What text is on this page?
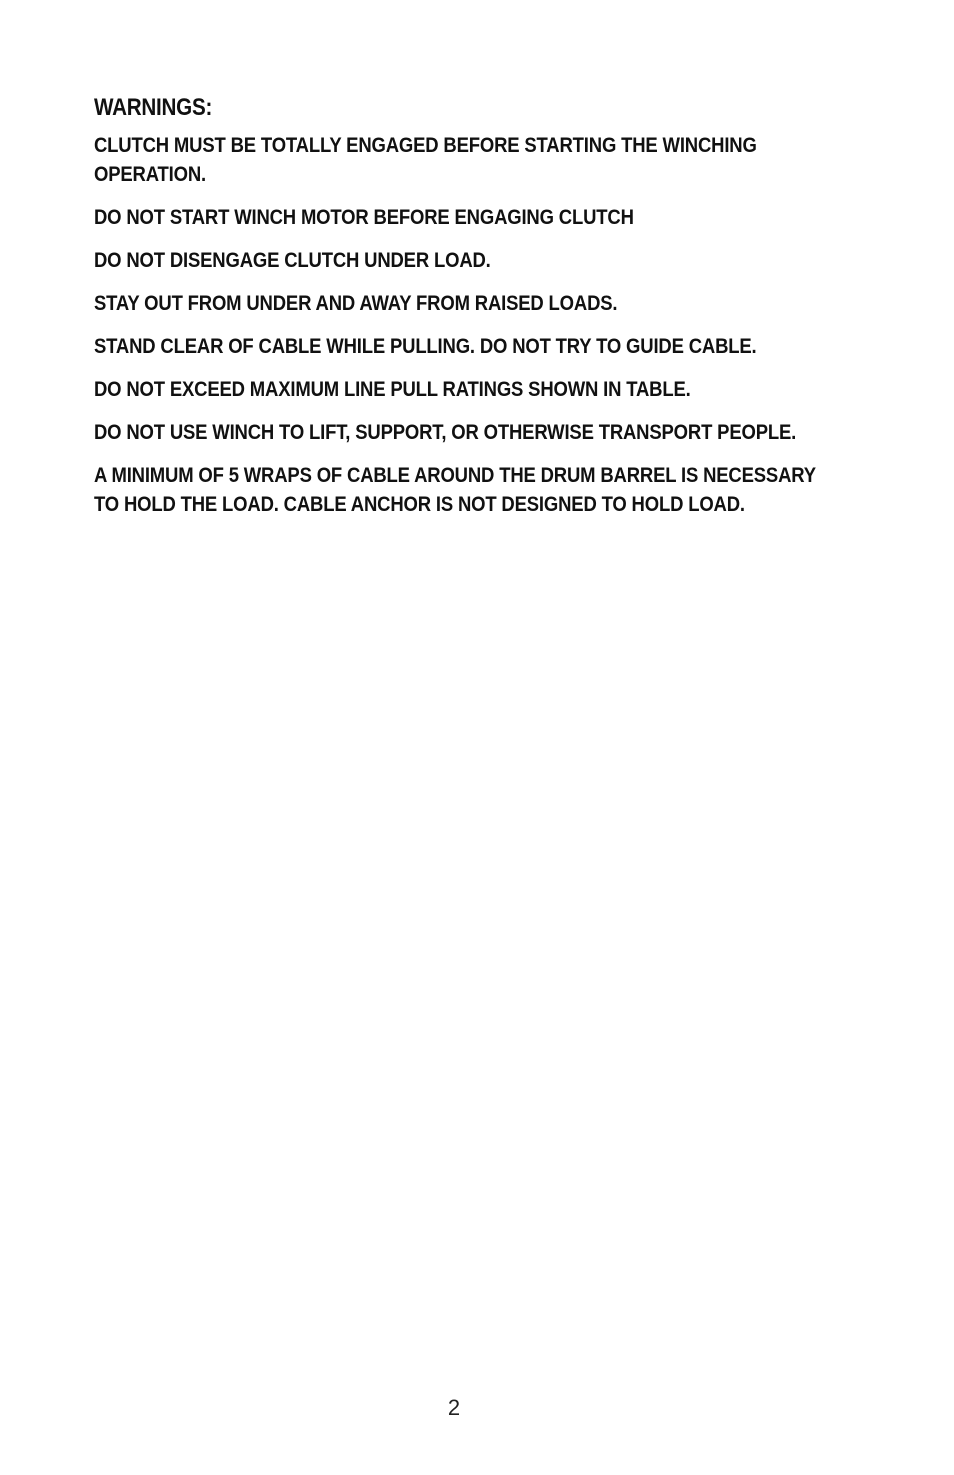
WARNINGS:
CLUTCH MUST BE TOTALLY ENGAGED BEFORE STARTING THE WINCHING OPERATION.
DO NOT START WINCH MOTOR BEFORE ENGAGING CLUTCH
DO NOT DISENGAGE CLUTCH UNDER LOAD.
STAY OUT FROM UNDER AND AWAY FROM RAISED LOADS.
STAND CLEAR OF CABLE WHILE PULLING. DO NOT TRY TO GUIDE CABLE.
DO NOT EXCEED MAXIMUM LINE PULL RATINGS SHOWN IN TABLE.
DO NOT USE WINCH TO LIFT, SUPPORT, OR OTHERWISE TRANSPORT PEOPLE.
A MINIMUM OF 5 WRAPS OF CABLE AROUND THE DRUM BARREL IS NECESSARY TO HOLD THE LOAD. CABLE ANCHOR IS NOT DESIGNED TO HOLD LOAD.
2
